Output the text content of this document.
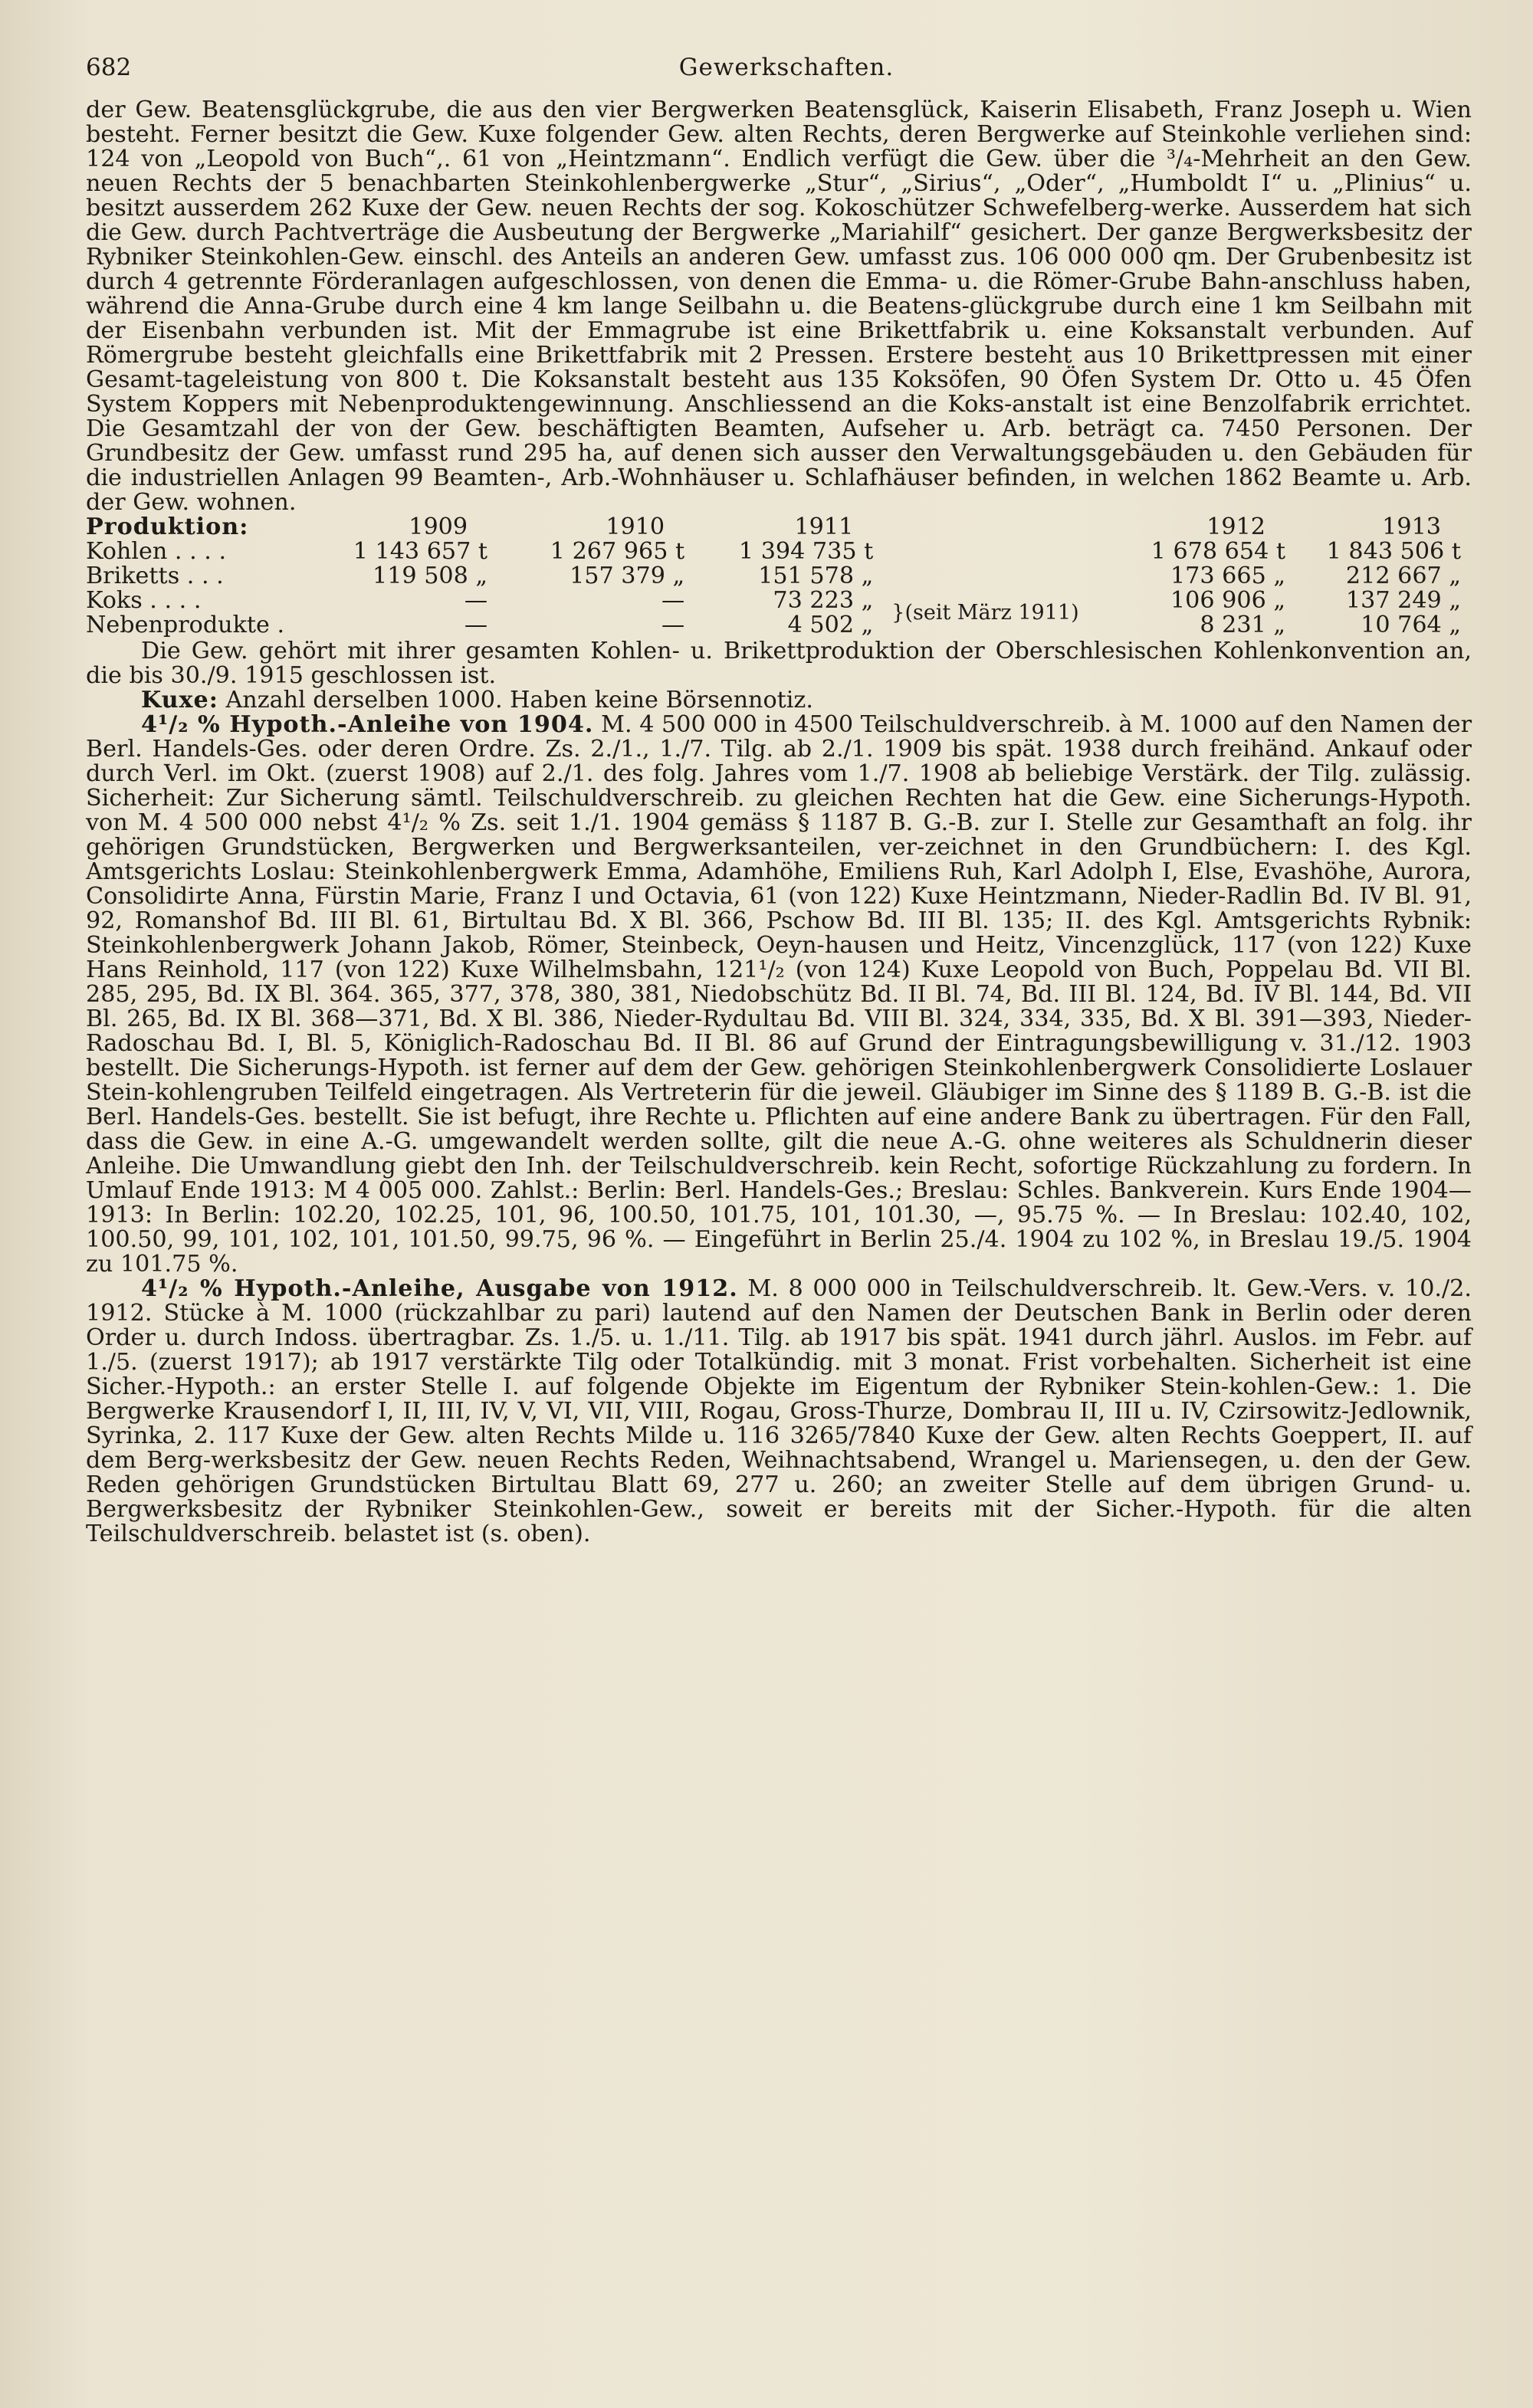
682	Gewerkschaften.

der Gew. Beatensglückgrube, die aus den vier Bergwerken Beatensglück, Kaiserin Elisabeth, Franz Joseph u. Wien besteht. Ferner besitzt die Gew. Kuxe folgender Gew. alten Rechts, deren Bergwerke auf Steinkohle verliehen sind: 124 von „Leopold von Buch“,. 61 von „Heintzmann“. Endlich verfügt die Gew. über die ³/₄-Mehrheit an den Gew. neuen Rechts der 5 benachbarten Steinkohlenbergwerke „Stur“, „Sirius“, „Oder“, „Humboldt I“ u. „Plinius“ u. besitzt ausserdem 262 Kuxe der Gew. neuen Rechts der sog. Kokoschützer Schwefelberg-werke. Ausserdem hat sich die Gew. durch Pachtverträge die Ausbeutung der Bergwerke „Mariahilf“ gesichert. Der ganze Bergwerksbesitz der Rybniker Steinkohlen-Gew. einschl. des Anteils an anderen Gew. umfasst zus. 106 000 000 qm. Der Grubenbesitz ist durch 4 getrennte Förderanlagen aufgeschlossen, von denen die Emma- u. die Römer-Grube Bahn-anschluss haben, während die Anna-Grube durch eine 4 km lange Seilbahn u. die Beatens-glückgrube durch eine 1 km Seilbahn mit der Eisenbahn verbunden ist. Mit der Emmagrube ist eine Brikettfabrik u. eine Koksanstalt verbunden. Auf Römergrube besteht gleichfalls eine Brikettfabrik mit 2 Pressen. Erstere besteht aus 10 Brikettpressen mit einer Gesamt-tageleistung von 800 t. Die Koksanstalt besteht aus 135 Koksöfen, 90 Öfen System Dr. Otto u. 45 Öfen System Koppers mit Nebenproduktengewinnung. Anschliessend an die Koks-anstalt ist eine Benzolfabrik errichtet. Die Gesamtzahl der von der Gew. beschäftigten Beamten, Aufseher u. Arb. beträgt ca. 7450 Personen. Der Grundbesitz der Gew. umfasst rund 295 ha, auf denen sich ausser den Verwaltungsgebäuden u. den Gebäuden für die industriellen Anlagen 99 Beamten-, Arb.-Wohnhäuser u. Schlafhäuser befinden, in welchen 1862 Beamte u. Arb. der Gew. wohnen.

Produktion:	1909	1910	1911		1912	1913
Kohlen . . . .	1 143 657 t	1 267 965 t	1 394 735 t		1 678 654 t	1 843 506 t
Briketts . . .	119 508 „	157 379 „	151 578 „		173 665 „	212 667 „
Koks . . . .	—	—	73 223 „	}(seit März 1911)	106 906 „	137 249 „
Nebenprodukte .	—	—	4 502 „		8 231 „	10 764 „

Die Gew. gehört mit ihrer gesamten Kohlen- u. Brikettproduktion der Oberschlesischen Kohlenkonvention an, die bis 30./9. 1915 geschlossen ist.

Kuxe: Anzahl derselben 1000. Haben keine Börsennotiz.

4¹/₂ % Hypoth.-Anleihe von 1904. M. 4 500 000 in 4500 Teilschuldverschreib. à M. 1000 auf den Namen der Berl. Handels-Ges. oder deren Ordre. Zs. 2./1., 1./7. Tilg. ab 2./1. 1909 bis spät. 1938 durch freihänd. Ankauf oder durch Verl. im Okt. (zuerst 1908) auf 2./1. des folg. Jahres vom 1./7. 1908 ab beliebige Verstärk. der Tilg. zulässig. Sicherheit: Zur Sicherung sämtl. Teilschuldverschreib. zu gleichen Rechten hat die Gew. eine Sicherungs-Hypoth. von M. 4 500 000 nebst 4¹/₂ % Zs. seit 1./1. 1904 gemäss § 1187 B. G.-B. zur I. Stelle zur Gesamthaft an folg. ihr gehörigen Grundstücken, Bergwerken und Bergwerksanteilen, ver-zeichnet in den Grundbüchern: I. des Kgl. Amtsgerichts Loslau: Steinkohlenbergwerk Emma, Adamhöhe, Emiliens Ruh, Karl Adolph I, Else, Evashöhe, Aurora, Consolidirte Anna, Fürstin Marie, Franz I und Octavia, 61 (von 122) Kuxe Heintzmann, Nieder-Radlin Bd. IV Bl. 91, 92, Romanshof Bd. III Bl. 61, Birtultau Bd. X Bl. 366, Pschow Bd. III Bl. 135; II. des Kgl. Amtsgerichts Rybnik: Steinkohlenbergwerk Johann Jakob, Römer, Steinbeck, Oeyn-hausen und Heitz, Vincenzglück, 117 (von 122) Kuxe Hans Reinhold, 117 (von 122) Kuxe Wilhelmsbahn, 121¹/₂ (von 124) Kuxe Leopold von Buch, Poppelau Bd. VII Bl. 285, 295, Bd. IX Bl. 364. 365, 377, 378, 380, 381, Niedobschütz Bd. II Bl. 74, Bd. III Bl. 124, Bd. IV Bl. 144, Bd. VII Bl. 265, Bd. IX Bl. 368—371, Bd. X Bl. 386, Nieder-Rydultau Bd. VIII Bl. 324, 334, 335, Bd. X Bl. 391—393, Nieder-Radoschau Bd. I, Bl. 5, Königlich-Radoschau Bd. II Bl. 86 auf Grund der Eintragungsbewilligung v. 31./12. 1903 bestellt. Die Sicherungs-Hypoth. ist ferner auf dem der Gew. gehörigen Steinkohlenbergwerk Consolidierte Loslauer Stein-kohlengruben Teilfeld eingetragen. Als Vertreterin für die jeweil. Gläubiger im Sinne des § 1189 B. G.-B. ist die Berl. Handels-Ges. bestellt. Sie ist befugt, ihre Rechte u. Pflichten auf eine andere Bank zu übertragen. Für den Fall, dass die Gew. in eine A.-G. umgewandelt werden sollte, gilt die neue A.-G. ohne weiteres als Schuldnerin dieser Anleihe. Die Umwandlung giebt den Inh. der Teilschuldverschreib. kein Recht, sofortige Rückzahlung zu fordern. In Umlauf Ende 1913: M 4 005 000. Zahlst.: Berlin: Berl. Handels-Ges.; Breslau: Schles. Bankverein. Kurs Ende 1904—1913: In Berlin: 102.20, 102.25, 101, 96, 100.50, 101.75, 101, 101.30, —, 95.75 %. — In Breslau: 102.40, 102, 100.50, 99, 101, 102, 101, 101.50, 99.75, 96 %. — Eingeführt in Berlin 25./4. 1904 zu 102 %, in Breslau 19./5. 1904 zu 101.75 %.

4¹/₂ % Hypoth.-Anleihe, Ausgabe von 1912. M. 8 000 000 in Teilschuldverschreib. lt. Gew.-Vers. v. 10./2. 1912. Stücke à M. 1000 (rückzahlbar zu pari) lautend auf den Namen der Deutschen Bank in Berlin oder deren Order u. durch Indoss. übertragbar. Zs. 1./5. u. 1./11. Tilg. ab 1917 bis spät. 1941 durch jährl. Auslos. im Febr. auf 1./5. (zuerst 1917); ab 1917 verstärkte Tilg oder Totalkündig. mit 3 monat. Frist vorbehalten. Sicherheit ist eine Sicher.-Hypoth.: an erster Stelle I. auf folgende Objekte im Eigentum der Rybniker Stein-kohlen-Gew.: 1. Die Bergwerke Krausendorf I, II, III, IV, V, VI, VII, VIII, Rogau, Gross-Thurze, Dombrau II, III u. IV, Czirsowitz-Jedlownik, Syrinka, 2. 117 Kuxe der Gew. alten Rechts Milde u. 116 3265/7840 Kuxe der Gew. alten Rechts Goeppert, II. auf dem Berg-werksbesitz der Gew. neuen Rechts Reden, Weihnachtsabend, Wrangel u. Mariensegen, u. den der Gew. Reden gehörigen Grundstücken Birtultau Blatt 69, 277 u. 260; an zweiter Stelle auf dem übrigen Grund- u. Bergwerksbesitz der Rybniker Steinkohlen-Gew., soweit er bereits mit der Sicher.-Hypoth. für die alten Teilschuldverschreib. belastet ist (s. oben).
